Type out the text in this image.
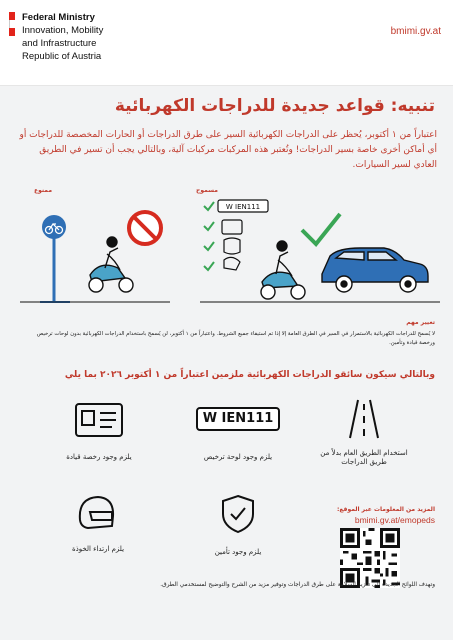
Federal Ministry
Innovation, Mobility
and Infrastructure
Republic of Austria
bmimi.gv.at
تنبيه: قواعد جديدة للدراجات الكهربائية
اعتباراً من ١ أكتوبر، يُحظر على الدراجات الكهربائية السير على طرق الدراجات أو الحارات المخصصة للدراجات أو أي أماكن أخرى خاصة بسير الدراجات! وتُعتبر هذه المركبات مركبات آلية، وبالتالي يجب أن تسير في الطريق العادي لسير السيارات.
ممنوع	مسموح
W IEN111
تغيير مهم
لا يُسمح للدراجات الكهربائية بالاستمرار في السير في الطرق العامة إلا إذا تم استيفاء جميع الشروط. واعتباراً من ١ أكتوبر، لن يُسمح باستخدام الدراجات الكهربائية بدون لوحات ترخيص ورخصة قيادة وتأمين.
وبالتالي سيكون سائقو الدراجات الكهربائية ملزمين اعتباراً من ١ أكتوبر ٢٠٢٦ بما يلي
يلزم وجود رخصة قيادة
W IEN111
يلزم وجود لوحة ترخيص	استخدام الطريق العام بدلاً من طريق الدراجات
يلزم ارتداء الخوذة	يلزم وجود تأمين
المزيد من المعلومات عبر الموقع:
bmimi.gv.at/emopeds
وتهدف اللوائح الجديدة إلى تعزيز السلامة على طرق الدراجات وتوفير مزيد من الشرح والتوضيح لمستخدمي الطرق.
